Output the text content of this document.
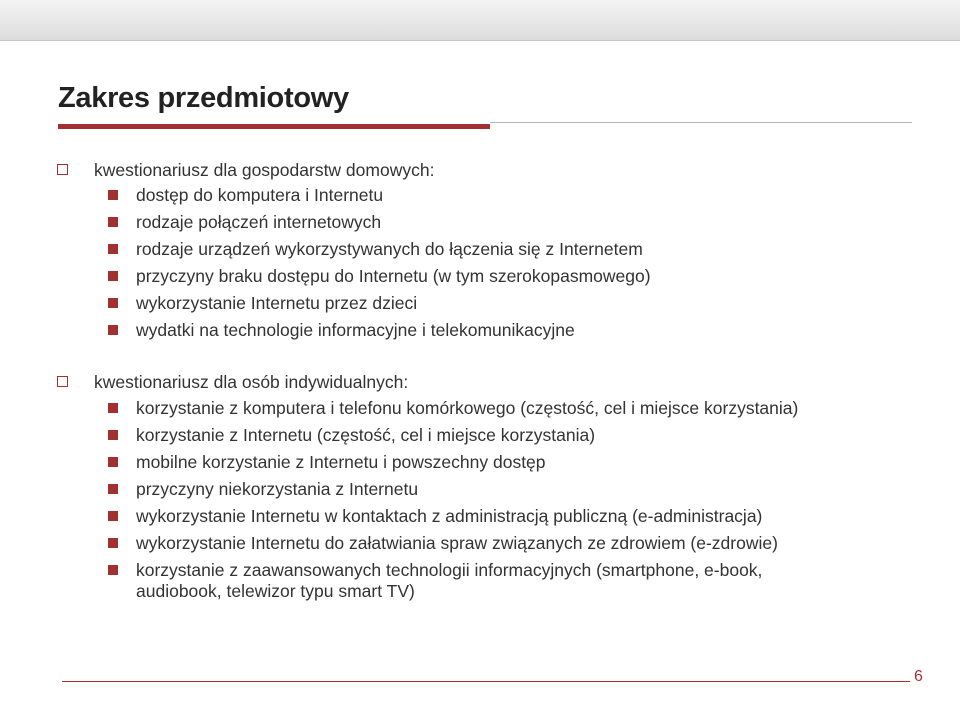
Zakres przedmiotowy
kwestionariusz dla gospodarstw domowych:
dostęp do komputera i Internetu
rodzaje połączeń internetowych
rodzaje urządzeń wykorzystywanych do łączenia się z Internetem
przyczyny braku dostępu do Internetu (w tym szerokopasmowego)
wykorzystanie Internetu przez dzieci
wydatki na technologie informacyjne i telekomunikacyjne
kwestionariusz dla osób indywidualnych:
korzystanie z komputera i telefonu komórkowego (częstość, cel i miejsce korzystania)
korzystanie z Internetu (częstość, cel i miejsce korzystania)
mobilne korzystanie z Internetu i powszechny dostęp
przyczyny niekorzystania z Internetu
wykorzystanie Internetu w kontaktach z administracją publiczną (e-administracja)
wykorzystanie Internetu do załatwiania spraw związanych ze zdrowiem (e-zdrowie)
korzystanie z zaawansowanych technologii informacyjnych (smartphone, e-book,
audiobook, telewizor typu smart TV)
6
